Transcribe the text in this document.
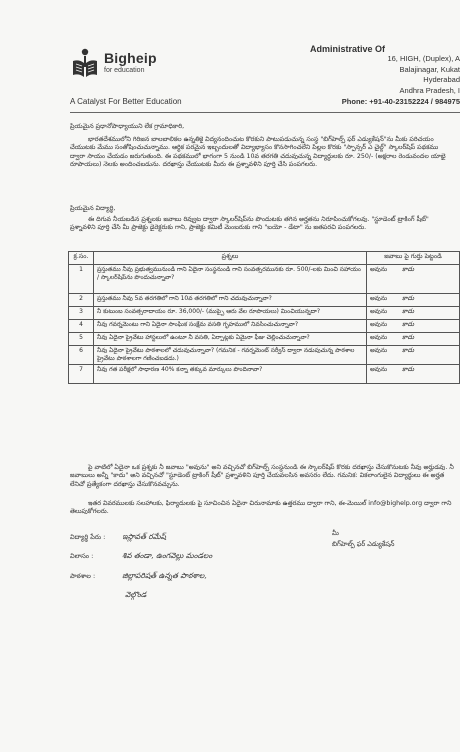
Bigheip
for education
A Catalyst For Better Education
Administrative Of
16, HIGH, (Duplex), A
Balajinagar, Kukat
Hyderabad
Andhra Pradesh, I
Phone: +91-40-23152224 / 984975
ప్రియమైన ప్రధానోపాధ్యాయుని లేక గ్రామాధికారి,
భారతదేశములోని గిరిజన బాలబాలికల ఉన్నతికై విద్యనందించుట కొరకుని పాటుపడుచున్న సంస్థ "బిగ్‌హెల్ప్ ఫర్ ఎడ్యుకేషన్"ను మీకు పరిచయం చేయుటకు మేము సంతోషించుచున్నాము. ఆర్థిక పరమైన ఇబ్బందులతో విద్యాభ్యాసం కొనసాగించలేని పిల్లల కొరకు "స్పాన్సర్ ఎ చైల్డ్" స్కాలర్‌షిప్ పథకము ద్వారా సాయం చేయడం జరుగుతుంది. ఈ పథకములో భాగంగా 5 నుండి 10వ తరగతి చదువుచున్న విద్యార్థులకు రూ. 250/- (అక్షరాల రెండువందల యాభై రూపాయలు) నెలకు అందించబడును. దరఖాస్తు చేయుటకు మీరు ఈ ప్రశ్నావళిని పూర్తి చేసి పంపగలరు.
ప్రియమైన విద్యార్థి,
ఈ దిగువ నీయబడిన ప్రశ్నలకు జవాబు రివ్వుట ద్వారా స్కాలర్‌షిప్‌ను పొందుటకు తగిన అర్హతను నిరూపించుకోగలవు. "స్టూడెంట్ ట్రాకింగ్ షీట్" ప్రశ్నావళిని పూర్తి చేసి మీ ప్రాజెక్టు డైరెక్టరుకు గాని, ప్రాజెక్టు కమిటీ మెంబరుకు గాని "బయో - డేటా" ను జతపరచి పంపగలరు.
క్ర.సం.	ప్రశ్నలు	జవాబు పై గుర్తు పెట్టండి
1	ప్రస్తుతము నీవు ప్రభుత్వమునుండి గాని ఏదైనా సంస్థనుండి గాని సంవత్సరమునకు రూ. 500/-లకు మించి సహాయం / స్కాలర్‌షిప్‌ను పొందుచున్నావా?	అవును కాదు
2	ప్రస్తుతము నీవు 5వ తరగతిలో గాని 10వ తరగతిలో గాని చదువుచున్నావా?	అవును కాదు
3	నీ కుటుంబ సంవత్సరాదాయం రూ. 36,000/- (ముప్పై ఆరు వేల రూపాయలు) మించియున్నదా?	అవును కాదు
4	నీవు గవర్నమెంటు గాని ఏదైనా సాంఘిక సంక్షేమ వసతి గృహములో నివసించుచున్నావా?	అవును కాదు
5	నీవు ఏదైనా ప్రైవేటు హాస్టలులో ఉంటూ నీ వసతి, ఏర్పాట్లకు ఏమైనా ఫీజు చెల్లించుచున్నావా?	అవును కాదు
6	నీవు ఏదైనా ప్రైవేటు పాఠశాలలో చదువుచున్నావా? (గమనిక - గవర్నమెంట్ సర్వీస్ ద్వారా నడుపుచున్న పాఠశాల ప్రైవేటు పాఠశాలగా గణించబడదు.)	అవును కాదు
7	నీవు గత పరీక్షలో సాధారణ 40% కన్నా తక్కువ మార్కులు పొందినావా?	అవును కాదు
పై వాటిలో ఏదైనా ఒక ప్రశ్నకు నీ జవాబు "అవును" అని వచ్చినచో బిగ్‌హెల్ప్ సంస్థనుండి ఈ స్కాలర్‌షిప్ కొరకు దరఖాస్తు చేసుకొనుటకు నీవు అర్హుడవు. నీ జవాబులు అన్నీ "కాదు" అని వచ్చినచో "స్టూడెంట్ ట్రాకింగ్ షీట్" ప్రశ్నావళిని పూర్తి చేయవలసిన అవసరం లేదు. గమనిక: వికలాంగులైన విద్యార్థులు ఈ అర్హత లేనిచో ప్రత్యేకంగా దరఖాస్తు చేసుకొనవచ్చును.
ఇతర వివరములకు సలహాలకు, ఫిర్యాదులకు పై సూచించిన ఏదైనా చిరునామాకు ఉత్తరము ద్వారా గాని, ఈ-మెయిల్ info@bighelp.org ద్వారా గాని తెలుపుకోగలరు.
విద్యార్థి పేరు : ఇస్లావత్ రమేష్
విలాసం :	శివ తండా, ఉంగవెల్లు మండలం
పాఠశాల :	జిల్లాపరిషత్ ఉన్నత పాఠశాల,
వెల్గొండ
మీ
బిగ్‌హెల్ప్ ఫర్ ఎడ్యుకేషన్
